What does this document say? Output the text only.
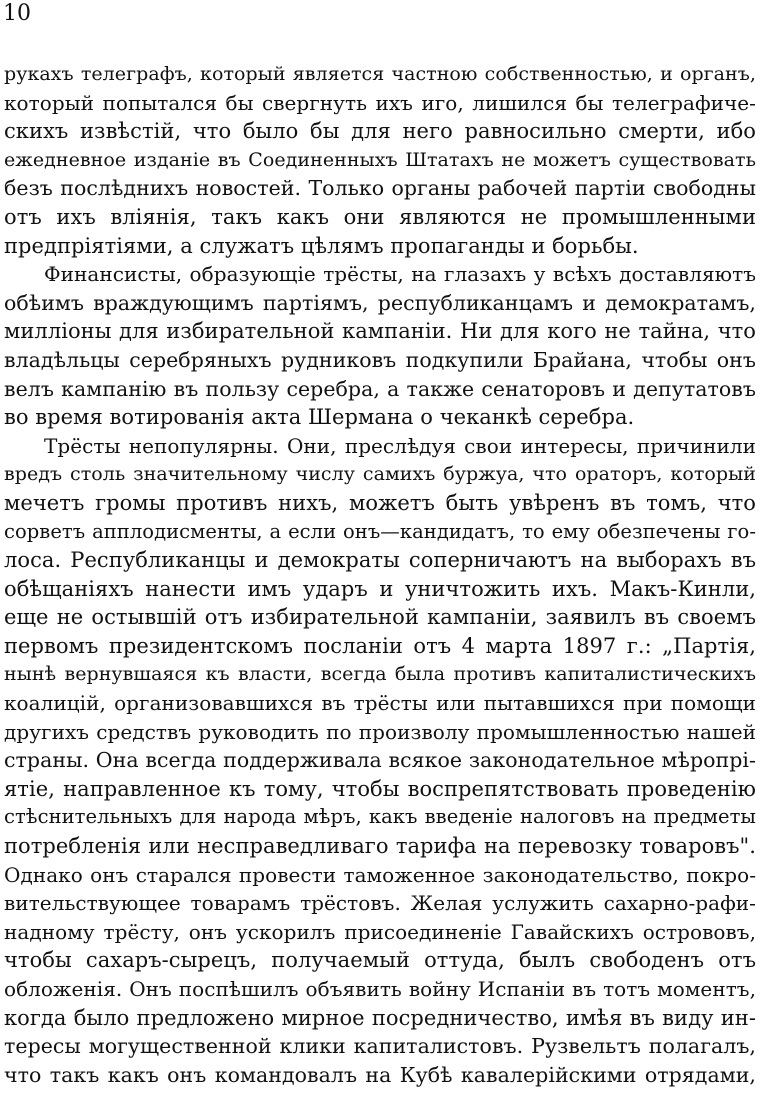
10
рукахъ телеграфъ, который является частною собственностью, и органъ,
который попытался бы свергнуть ихъ иго, лишился бы телеграфиче-
скихъ извѣстій, что было бы для него равносильно смерти, ибо
ежедневное изданіе въ Соединенныхъ Штатахъ не можетъ существовать
безъ послѣднихъ новостей. Только органы рабочей партіи свободны
отъ ихъ вліянія, такъ какъ они являются не промышленными
предпріятіями, а служатъ цѣлямъ пропаганды и борьбы.
Финансисты, образующіе трёсты, на глазахъ у всѣхъ доставляютъ
обѣимъ враждующимъ партіямъ, республиканцамъ и демократамъ,
милліоны для избирательной кампаніи. Ни для кого не тайна, что
владѣльцы серебряныхъ рудниковъ подкупили Брайана, чтобы онъ
велъ кампанію въ пользу серебра, а также сенаторовъ и депутатовъ
во время вотированія акта Шермана о чеканкѣ серебра.
Трёсты непопулярны. Они, преслѣдуя свои интересы, причинили
вредъ столь значительному числу самихъ буржуа, что ораторъ, который
мечетъ громы противъ нихъ, можетъ быть увѣренъ въ томъ, что
сорветъ апплодисменты, а если онъ—кандидатъ, то ему обезпечены го-
лоса. Республиканцы и демократы соперничаютъ на выборахъ въ
обѣщаніяхъ нанести имъ ударъ и уничтожить ихъ. Макъ-Кинли,
еще не остывшій отъ избирательной кампаніи, заявилъ въ своемъ
первомъ президентскомъ посланіи отъ 4 марта 1897 г.: „Партія,
нынѣ вернувшаяся къ власти, всегда была противъ капиталистическихъ
коалицій, организовавшихся въ трёсты или пытавшихся при помощи
другихъ средствъ руководить по произволу промышленностью нашей
страны. Она всегда поддерживала всякое законодательное мѣропрі-
ятіе, направленное къ тому, чтобы воспрепятствовать проведенію
стѣснительныхъ для народа мѣръ, какъ введеніе налоговъ на предметы
потребленія или несправедливаго тарифа на перевозку товаровъ".
Однако онъ старался провести таможенное законодательство, покро-
вительствующее товарамъ трёстовъ. Желая услужить сахарно-рафи-
надному трёсту, онъ ускорилъ присоединеніе Гавайскихъ острововъ,
чтобы сахаръ-сырецъ, получаемый оттуда, былъ свободенъ отъ
обложенія. Онъ поспѣшилъ объявить войну Испаніи въ тотъ моментъ,
когда было предложено мирное посредничество, имѣя въ виду ин-
тересы могущественной клики капиталистовъ. Рузвельтъ полагалъ,
что такъ какъ онъ командовалъ на Кубѣ кавалерійскими отрядами,
